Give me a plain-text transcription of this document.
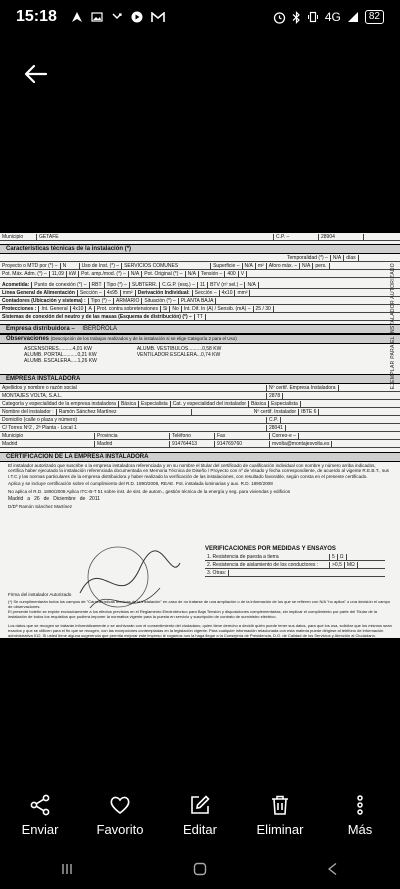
15:18	4G	82
EJEMPLAR PARA EL INSTALADOR AUTORIZADO
Municipio	GETAFE	C.P. –	28904
Características técnicas de la instalación (*)
Temporalidad (*) –	N/A	días
Proyecto o MTD por (*) –	N	Uso de Inst. (*) –	SERVICIOS COMUNES	Superficie –	N/A	m²	Aforo máx. –	N/A	pers.
Pot. Máx. Adm. (*) –	11,09	kW	Pot. amp./mod. (*) –	N/A	Pot. Original (*) –	N/A	Tensión –	400	V
Acometida:	Punto de conexión (*) –	RBT	Tipo (*) –	SUBTERR.	C.G.P. (esq.) –	11	BTV (nº sel.) –	N/A
Línea General de Alimentación	Sección –	4x95	mm²	Derivación Individual:	Sección –	4x10	mm²
Contadores (Ubicación y sistema) :	Tipo (*) –	ARMARIO	Situación (*) –	PLANTA BAJA
Protecciones :	Int. General	4x10	A	Prot. contra sobretensiones	Si	No	Int. Dif. In (A) / Sensib. (mA) –	25 / 30
Sistemas de conexión del neutro y de las masas (Esquema de distribución) (*) –	TT
Empresa distribuidora – IBERDROLA
Observaciones (Descripción de los trabajos realizados y de la instalación si se elige Categoría 2 para el Uso)
ASCENSORES..........4,01 KW
ALUMB. PORTAL..........0,21 KW
ALUMB. ESCALERA.....1,26 KW
ALUMB. VESTIBULOS..........0,58 KW
VENTILADOR ESCALERA...0,74 KW
EMPRESA INSTALADORA
Apellidos y nombre o razón social	Nº certif. Empresa Instaladora
MONTAJES VOLTA, S.A.L.	2878
Categoría y especialidad de la empresa instaladora	Básica	Especialista	Cat. y especialidad del instalador	Básica	Especialista
Nombre del instalador :	Ramón Sánchez Martínez	Nº certif. Instalador	IBTE 6
Domicilio (calle o plaza y número)	C.P.
C/ Torres Nº2 , 2ª Planta - Local 1	28041
Municipio	Provincia	Teléfono	Fax	Correo-e –
Madrid	Madrid	914764413	914769760	mvolta@montajesvolta.es
CERTIFICACIÓN DE LA EMPRESA INSTALADORA
El instalador autorizado que suscribe o la empresa instaladora referenciada y en su nombre el titular del certificado de cualificación individual con nombre y número arriba indicados, certifica haber ejecutado la instalación referenciada documentada en Memoria Técnica de Diseño / Proyecto con nº de Visado y fecha correspondiente, de acuerdo al vigente R.E.B.T., sus I.T.C y las normas particulares de la empresa distribuidora y haber realizado la verificación de las instalaciones, con resultado favorable, según consta en el presente certificado.
Aplica y se incluye certificación sobre el cumplimiento del R.D. 1890/2008, REAE. Pot. instalada luminarias y aux. R.D. 1890/2008
No aplica el R.D. 1890/2008 Aplica ITC-B-T 51 sobre inst. de sist. de autom., gestión técnica de la energía y seg. para viviendas y edificios
Madrid a 26 de Diciembre de 2011
D/Dª Ramón Sánchez Martínez
VERIFICACIONES POR MEDIDAS Y ENSAYOS
1. Resistencia de puesta a tierra	5	Ω
2. Resistencia de aislamiento de los conductores :	>0,5	MΩ
3. Otras:
Firma del instalador Autorizado
(*) Se cumplimentarán todos los campos de "Características técnicas de la instalación" en caso de no tratarse de una ampliación o de la información de los que se refieren con N/A "no aplica" o una decisión el campo de observaciones.
El presente boletín se expide exclusivamente a los efectos previstos en el Reglamento Electrotécnico para Baja Tensión y disposiciones complementarias, sin implicar el cumplimiento por parte del Titular de la instalación de todos los requisitos que pudiera imponer la normativa vigente para la puesta en servicio y suscripción de contrato de suministro eléctrico.
Los datos que se recogen se tratarán informáticamente o se archivarán con el consentimiento del ciudadano, quien tiene derecho a decidir quién puede tener sus datos, para qué los usa, solicitar que los mismos sean exactos y que se utilicen para el fin que se recogen, con las excepciones contempladas en la legislación vigente. Para cualquier información relacionada con esta materia puede dirigirse al teléfono de información administrativa 012. Si usted tiene alguna sugerencia que permita mejorar este impreso le rogamos nos la haga llegar a la Consejería de Presidencia, D.G. de Calidad de los Servicios y Atención al Ciudadano.
Enviar	Favorito	Editar	Eliminar	Más
